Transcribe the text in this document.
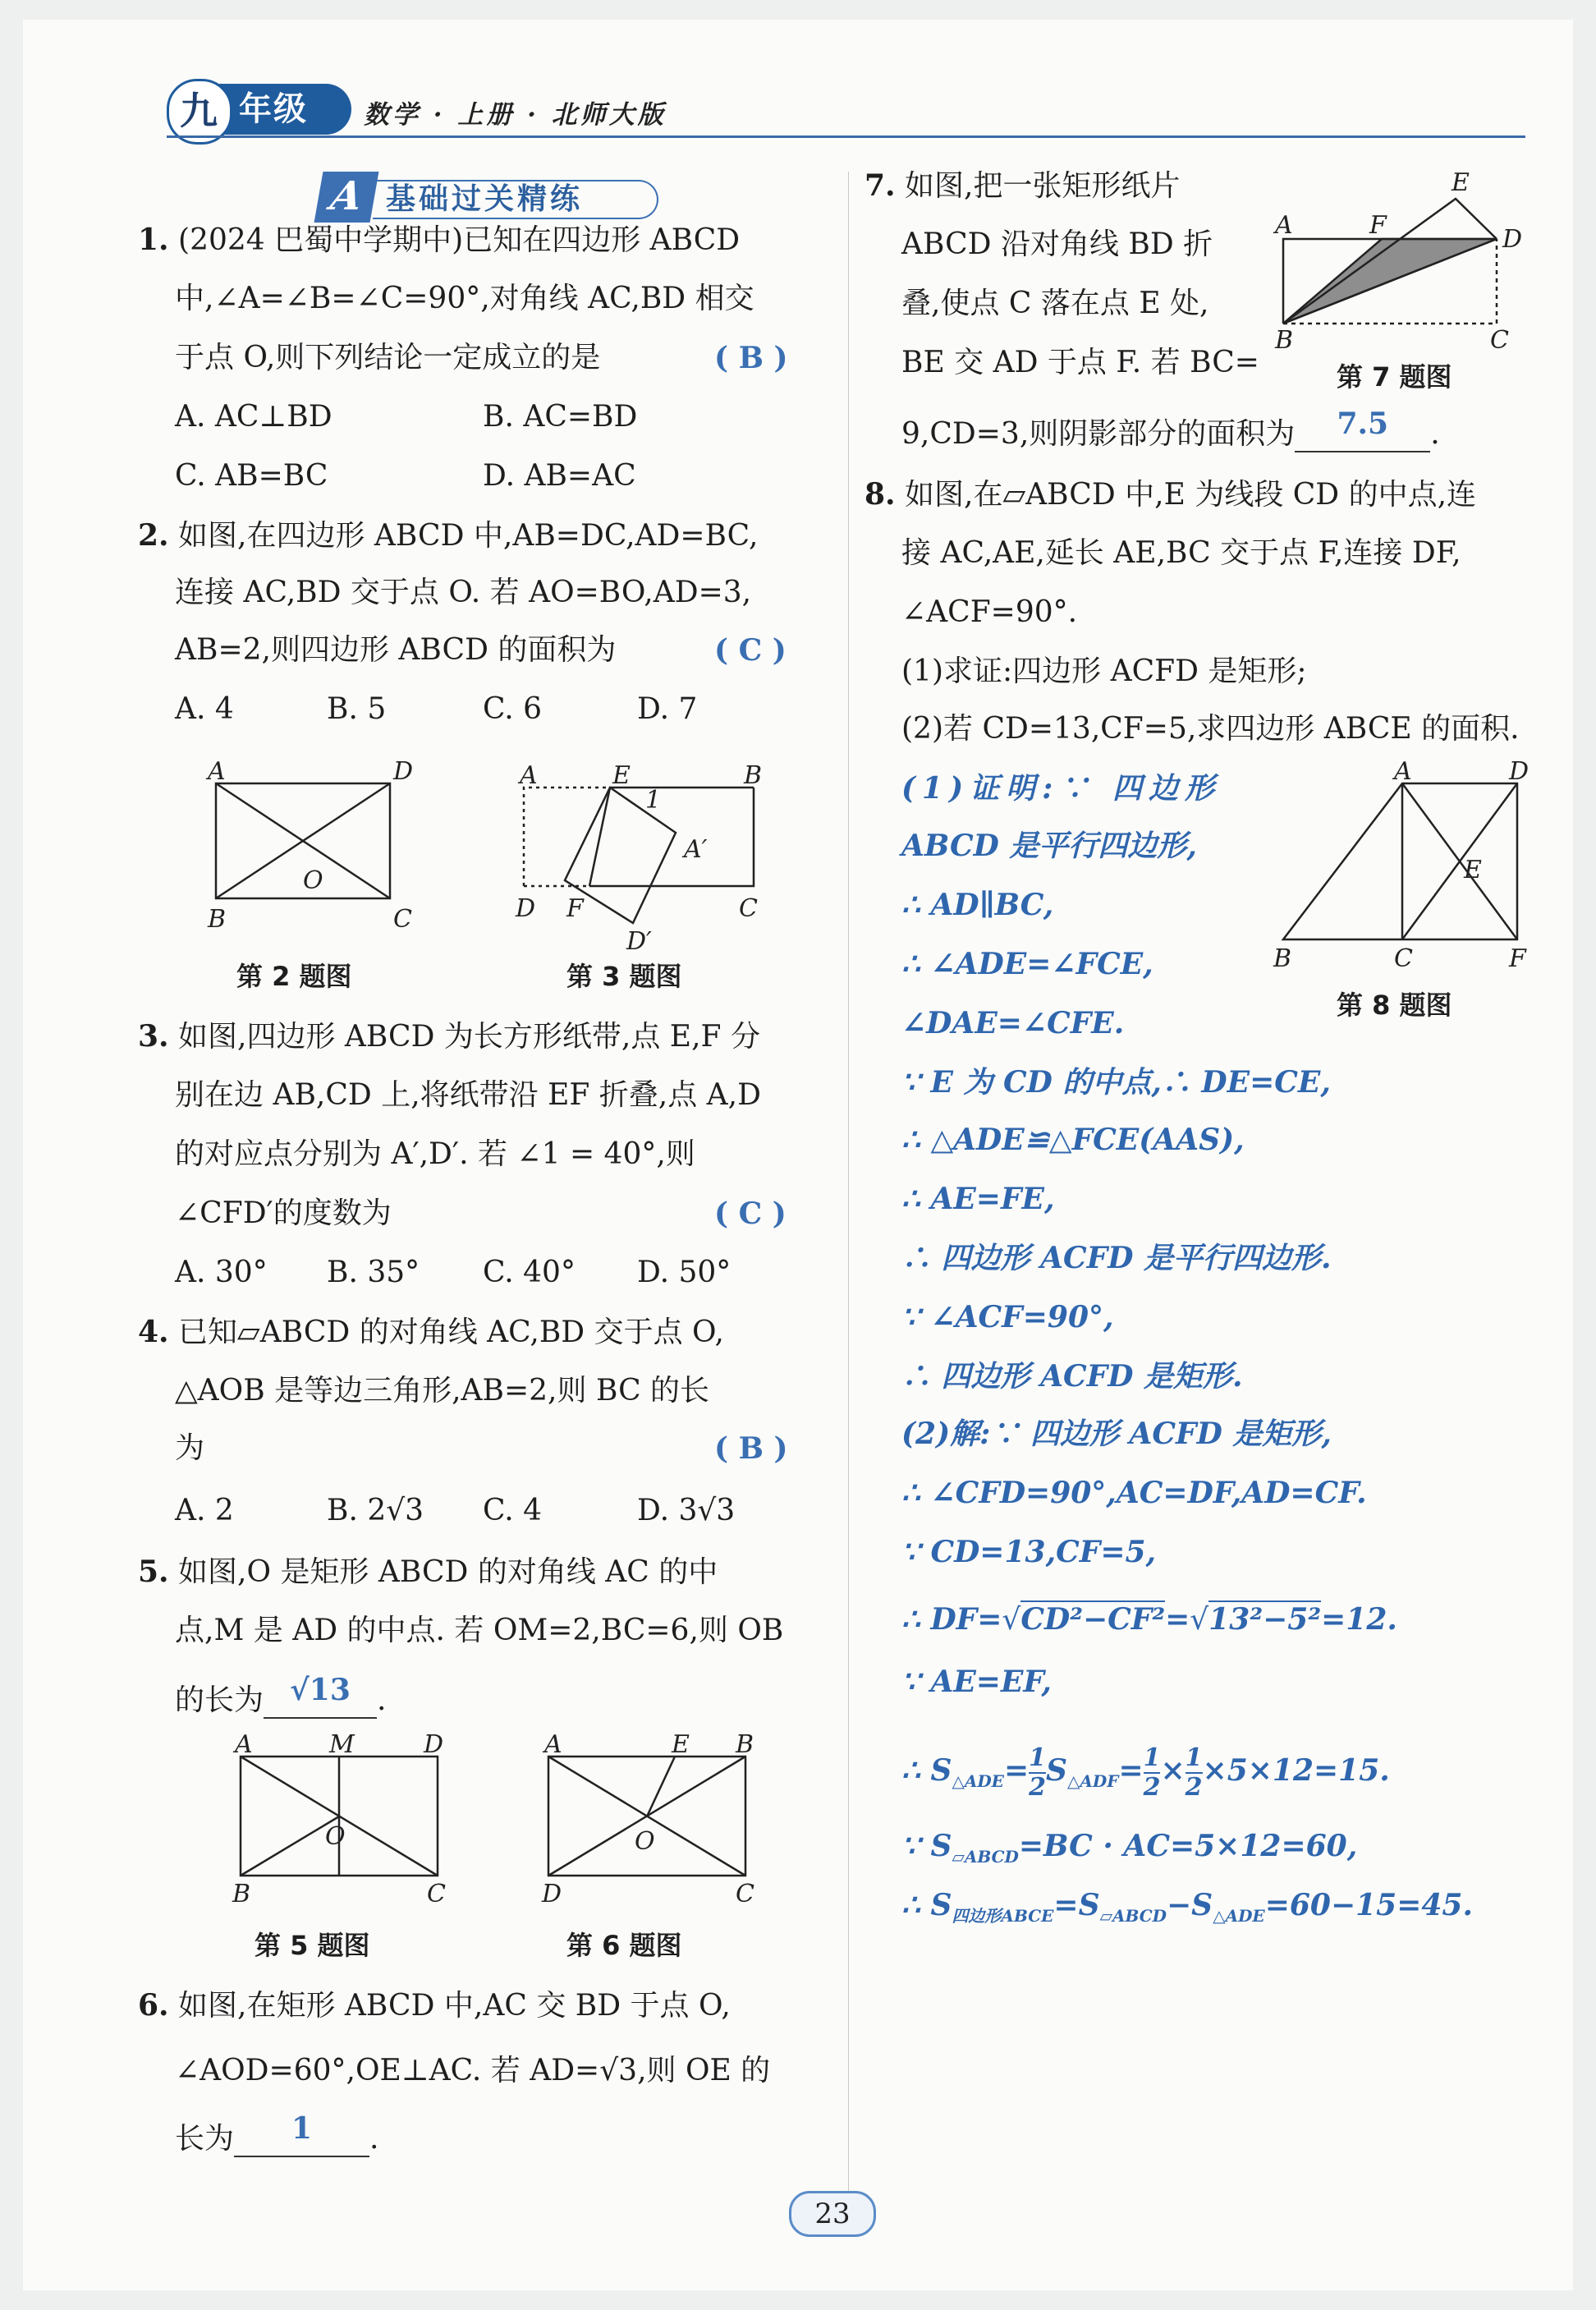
九 年级 数学 · 上册 · 北师大版
A 基础过关精练
1. (2024 巴蜀中学期中)已知在四边形 ABCD
中,∠A=∠B=∠C=90°,对角线 AC,BD 相交
于点 O,则下列结论一定成立的是	( B )
A. AC⊥BD	B. AC=BD
C. AB=BC	D. AB=AC
2. 如图,在四边形 ABCD 中,AB=DC,AD=BC,
连接 AC,BD 交于点 O. 若 AO=BO,AD=3,
AB=2,则四边形 ABCD 的面积为	( C )
A. 4	B. 5	C. 6	D. 7
A	D
B	C
O
第 2 题图
A	E	B
1
A′
D F	C
D′
第 3 题图
3. 如图,四边形 ABCD 为长方形纸带,点 E,F 分
别在边 AB,CD 上,将纸带沿 EF 折叠,点 A,D
的对应点分别为 A′,D′. 若 ∠1 = 40°,则
∠CFD′的度数为	( C )
A. 30° B. 35° C. 40° D. 50°
4. 已知▱ABCD 的对角线 AC,BD 交于点 O,
△AOB 是等边三角形,AB=2,则 BC 的长
为	( B )
A. 2	B. 2√3 C. 4	D. 3√3
5. 如图,O 是矩形 ABCD 的对角线 AC 的中
点,M 是 AD 的中点. 若 OM=2,BC=6,则 OB
的长为 √13 .
A	M	D
O
B	C
第 5 题图
A	E B
O
D	C
第 6 题图
6. 如图,在矩形 ABCD 中,AC 交 BD 于点 O,
∠AOD=60°,OE⊥AC. 若 AD=√3,则 OE 的
长为 1 .
7. 如图,把一张矩形纸片
ABCD 沿对角线 BD 折
叠,使点 C 落在点 E 处,
BE 交 AD 于点 F. 若 BC=
9,CD=3,则阴影部分的面积为 7.5 .
E
A	F	D
B	C
第 7 题图
8. 如图,在▱ABCD 中,E 为线段 CD 的中点,连
接 AC,AE,延长 AE,BC 交于点 F,连接 DF,
∠ACF=90°.
(1)求证:四边形 ACFD 是矩形;
(2)若 CD=13,CF=5,求四边形 ABCE 的面积.
A	D
E
B	C	F
第 8 题图
(1)证明:∵ 四边形
ABCD 是平行四边形,
∴ AD∥BC,
∴ ∠ADE=∠FCE,
∠DAE=∠CFE.
∵ E 为 CD 的中点,∴ DE=CE,
∴ △ADE≌△FCE(AAS),
∴ AE=FE,
∴ 四边形 ACFD 是平行四边形.
∵ ∠ACF=90°,
∴ 四边形 ACFD 是矩形.
(2)解:∵ 四边形 ACFD 是矩形,
∴ ∠CFD=90°,AC=DF,AD=CF.
∵ CD=13,CF=5,
∴ DF=√CD²−CF²=√13²−5²=12.
∵ AE=EF,
∴ $S_{\triangle ADE}= \frac{1}{2} S_{\triangle ADF}= \frac{1}{2} \times \frac{1}{2} \times 5\times 12=15$.
∵ $S_{▱ABCD}=BC \cdot AC=5\times 12=60$,
∴ $S_{四边形ABCE}=S_{▱ABCD}-S_{\triangle ADE}=60-15=45$.
23
